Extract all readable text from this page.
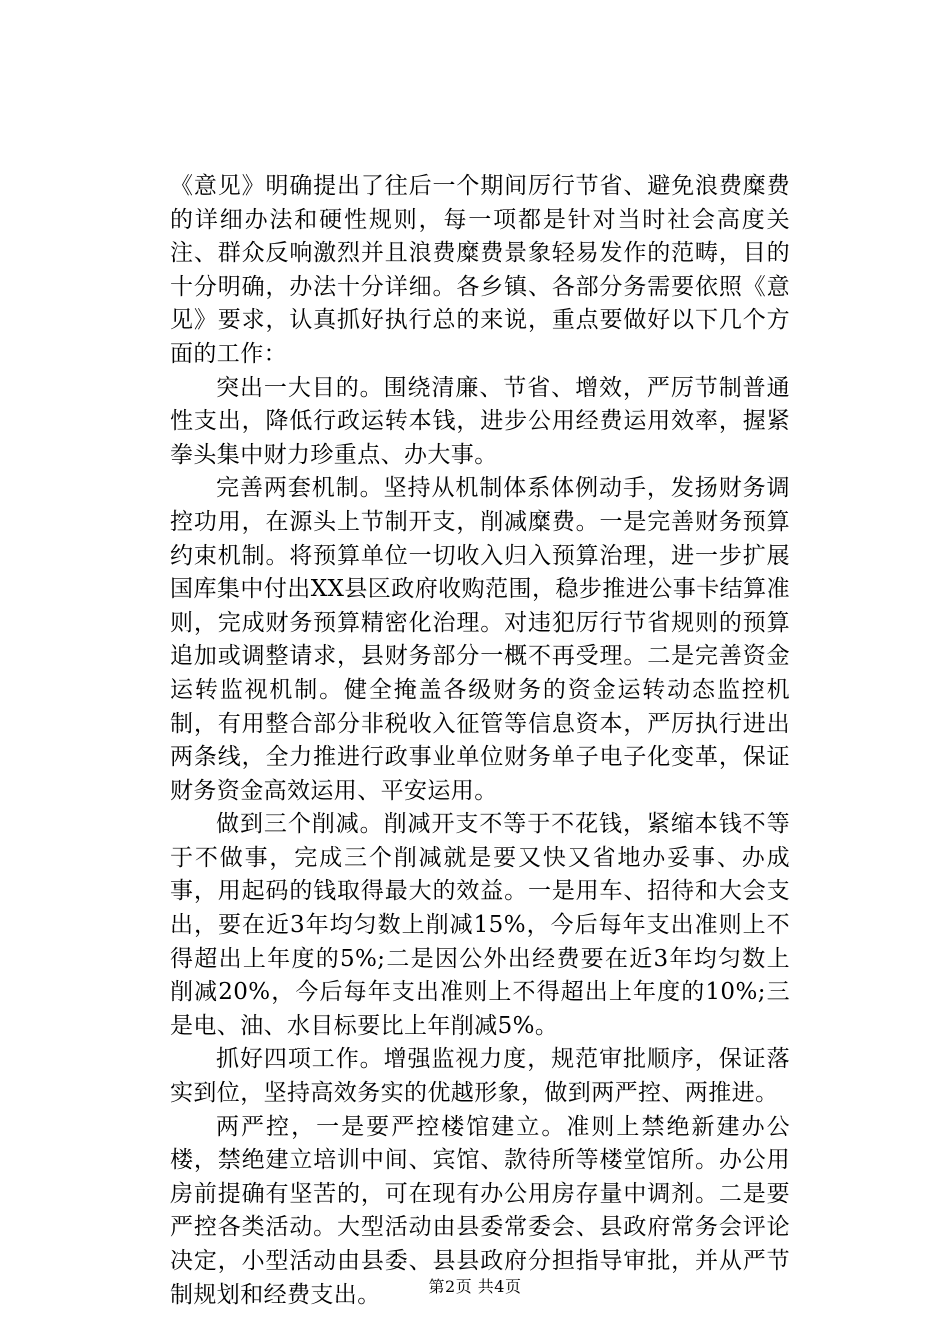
《意见》明确提出了往后一个期间厉行节省、避免浪费糜费的详细办法和硬性规则，每一项都是针对当时社会高度关注、群众反响激烈并且浪费糜费景象轻易发作的范畴，目的十分明确，办法十分详细。各乡镇、各部分务需要依照《意见》要求，认真抓好执行总的来说，重点要做好以下几个方面的工作：

突出一大目的。围绕清廉、节省、增效，严厉节制普通性支出，降低行政运转本钱，进步公用经费运用效率，握紧拳头集中财力珍重点、办大事。

完善两套机制。坚持从机制体系体例动手，发扬财务调控功用，在源头上节制开支，削减糜费。一是完善财务预算约束机制。将预算单位一切收入归入预算治理，进一步扩展国库集中付出XX县区政府收购范围，稳步推进公事卡结算准则，完成财务预算精密化治理。对违犯厉行节省规则的预算追加或调整请求，县财务部分一概不再受理。二是完善资金运转监视机制。健全掩盖各级财务的资金运转动态监控机制，有用整合部分非税收入征管等信息资本，严厉执行进出两条线，全力推进行政事业单位财务单子电子化变革，保证财务资金高效运用、平安运用。

做到三个削减。削减开支不等于不花钱，紧缩本钱不等于不做事，完成三个削减就是要又快又省地办妥事、办成事，用起码的钱取得最大的效益。一是用车、招待和大会支出，要在近3年均匀数上削减15%，今后每年支出准则上不得超出上年度的5%;二是因公外出经费要在近3年均匀数上削减20%，今后每年支出准则上不得超出上年度的10%;三是电、油、水目标要比上年削减5%。

抓好四项工作。增强监视力度，规范审批顺序，保证落实到位，坚持高效务实的优越形象，做到两严控、两推进。

两严控，一是要严控楼馆建立。准则上禁绝新建办公楼，禁绝建立培训中间、宾馆、款待所等楼堂馆所。办公用房前提确有坚苦的，可在现有办公用房存量中调剂。二是要严控各类活动。大型活动由县委常委会、县政府常务会评论决定，小型活动由县委、县县政府分担指导审批，并从严节制规划和经费支出。	第2页 共4页
